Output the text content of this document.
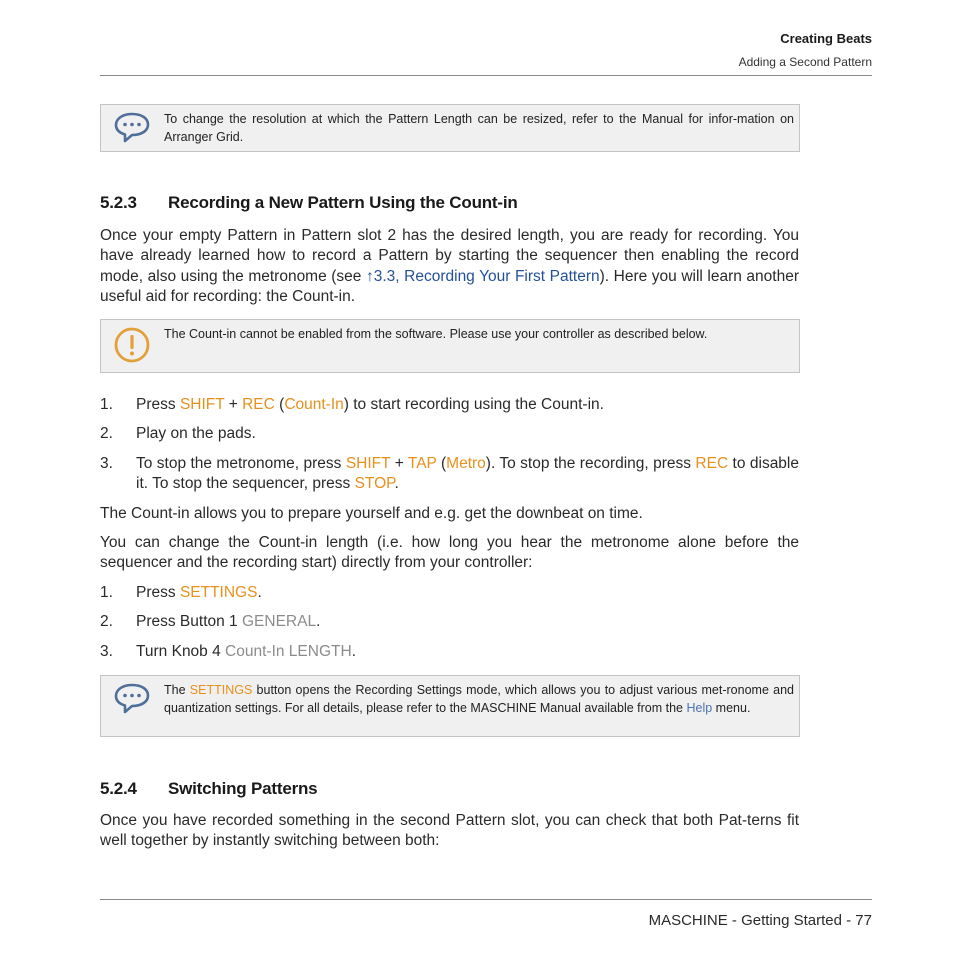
Creating Beats
Adding a Second Pattern
To change the resolution at which the Pattern Length can be resized, refer to the Manual for infor-mation on Arranger Grid.
5.2.3 Recording a New Pattern Using the Count-in
Once your empty Pattern in Pattern slot 2 has the desired length, you are ready for recording. You have already learned how to record a Pattern by starting the sequencer then enabling the record mode, also using the metronome (see ↑3.3, Recording Your First Pattern). Here you will learn another useful aid for recording: the Count-in.
The Count-in cannot be enabled from the software. Please use your controller as described below.
1. Press SHIFT + REC (Count-In) to start recording using the Count-in.
2. Play on the pads.
3. To stop the metronome, press SHIFT + TAP (Metro). To stop the recording, press REC to disable it. To stop the sequencer, press STOP.
The Count-in allows you to prepare yourself and e.g. get the downbeat on time.
You can change the Count-in length (i.e. how long you hear the metronome alone before the sequencer and the recording start) directly from your controller:
1. Press SETTINGS.
2. Press Button 1 GENERAL.
3. Turn Knob 4 Count-In LENGTH.
The SETTINGS button opens the Recording Settings mode, which allows you to adjust various met-ronome and quantization settings. For all details, please refer to the MASCHINE Manual available from the Help menu.
5.2.4 Switching Patterns
Once you have recorded something in the second Pattern slot, you can check that both Pat-terns fit well together by instantly switching between both:
MASCHINE - Getting Started - 77
